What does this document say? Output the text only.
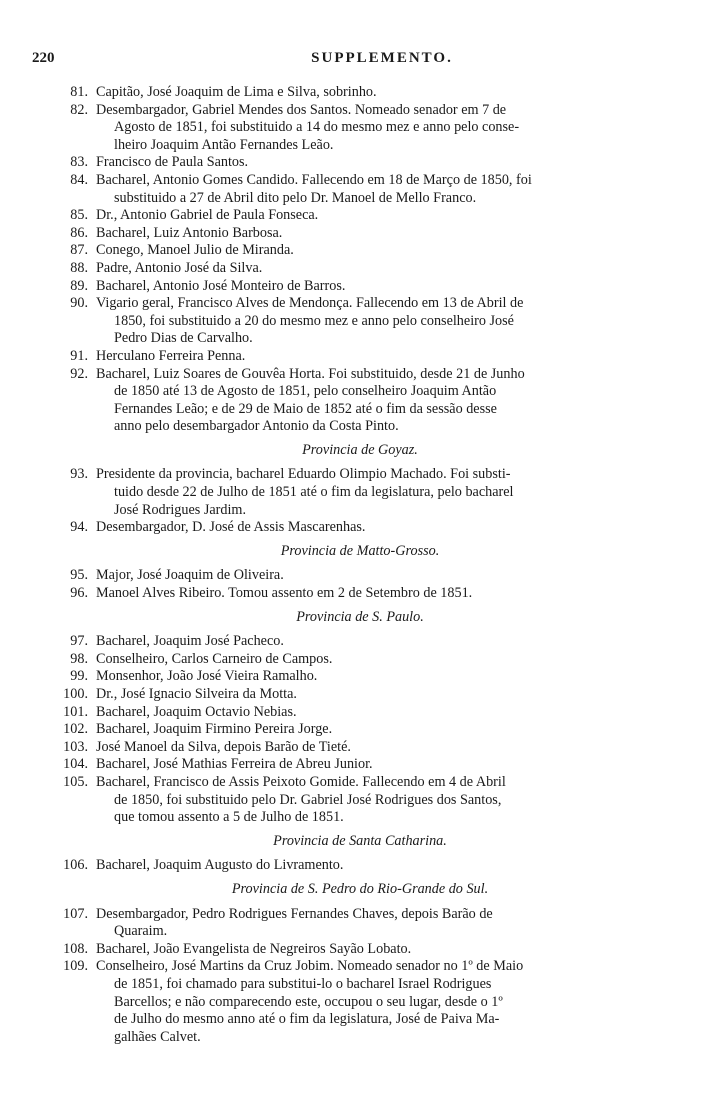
220	SUPPLEMENTO.
81. Capitão, José Joaquim de Lima e Silva, sobrinho.
82. Desembargador, Gabriel Mendes dos Santos. Nomeado senador em 7 de
Agosto de 1851, foi substituido a 14 do mesmo mez e anno pelo conse-
lheiro Joaquim Antão Fernandes Leão.
83. Francisco de Paula Santos.
84. Bacharel, Antonio Gomes Candido. Fallecendo em 18 de Março de 1850, foi
substituido a 27 de Abril dito pelo Dr. Manoel de Mello Franco.
85. Dr., Antonio Gabriel de Paula Fonseca.
86. Bacharel, Luiz Antonio Barbosa.
87. Conego, Manoel Julio de Miranda.
88. Padre, Antonio José da Silva.
89. Bacharel, Antonio José Monteiro de Barros.
90. Vigario geral, Francisco Alves de Mendonça. Fallecendo em 13 de Abril de
1850, foi substituido a 20 do mesmo mez e anno pelo conselheiro José
Pedro Dias de Carvalho.
91. Herculano Ferreira Penna.
92. Bacharel, Luiz Soares de Gouvêa Horta. Foi substituido, desde 21 de Junho
de 1850 até 13 de Agosto de 1851, pelo conselheiro Joaquim Antão
Fernandes Leão; e de 29 de Maio de 1852 até o fim da sessão desse
anno pelo desembargador Antonio da Costa Pinto.
Provincia de Goyaz.
93. Presidente da provincia, bacharel Eduardo Olimpio Machado. Foi substi-
tuido desde 22 de Julho de 1851 até o fim da legislatura, pelo bacharel
José Rodrigues Jardim.
94. Desembargador, D. José de Assis Mascarenhas.
Provincia de Matto-Grosso.
95. Major, José Joaquim de Oliveira.
96. Manoel Alves Ribeiro. Tomou assento em 2 de Setembro de 1851.
Provincia de S. Paulo.
97. Bacharel, Joaquim José Pacheco.
98. Conselheiro, Carlos Carneiro de Campos.
99. Monsenhor, João José Vieira Ramalho.
100. Dr., José Ignacio Silveira da Motta.
101. Bacharel, Joaquim Octavio Nebias.
102. Bacharel, Joaquim Firmino Pereira Jorge.
103. José Manoel da Silva, depois Barão de Tieté.
104. Bacharel, José Mathias Ferreira de Abreu Junior.
105. Bacharel, Francisco de Assis Peixoto Gomide. Fallecendo em 4 de Abril
de 1850, foi substituido pelo Dr. Gabriel José Rodrigues dos Santos,
que tomou assento a 5 de Julho de 1851.
Provincia de Santa Catharina.
106. Bacharel, Joaquim Augusto do Livramento.
Provincia de S. Pedro do Rio-Grande do Sul.
107. Desembargador, Pedro Rodrigues Fernandes Chaves, depois Barão de
Quaraim.
108. Bacharel, João Evangelista de Negreiros Sayão Lobato.
109. Conselheiro, José Martins da Cruz Jobim. Nomeado senador no 1º de Maio
de 1851, foi chamado para substitui-lo o bacharel Israel Rodrigues
Barcellos; e não comparecendo este, occupou o seu lugar, desde o 1º
de Julho do mesmo anno até o fim da legislatura, José de Paiva Ma-
galhães Calvet.
